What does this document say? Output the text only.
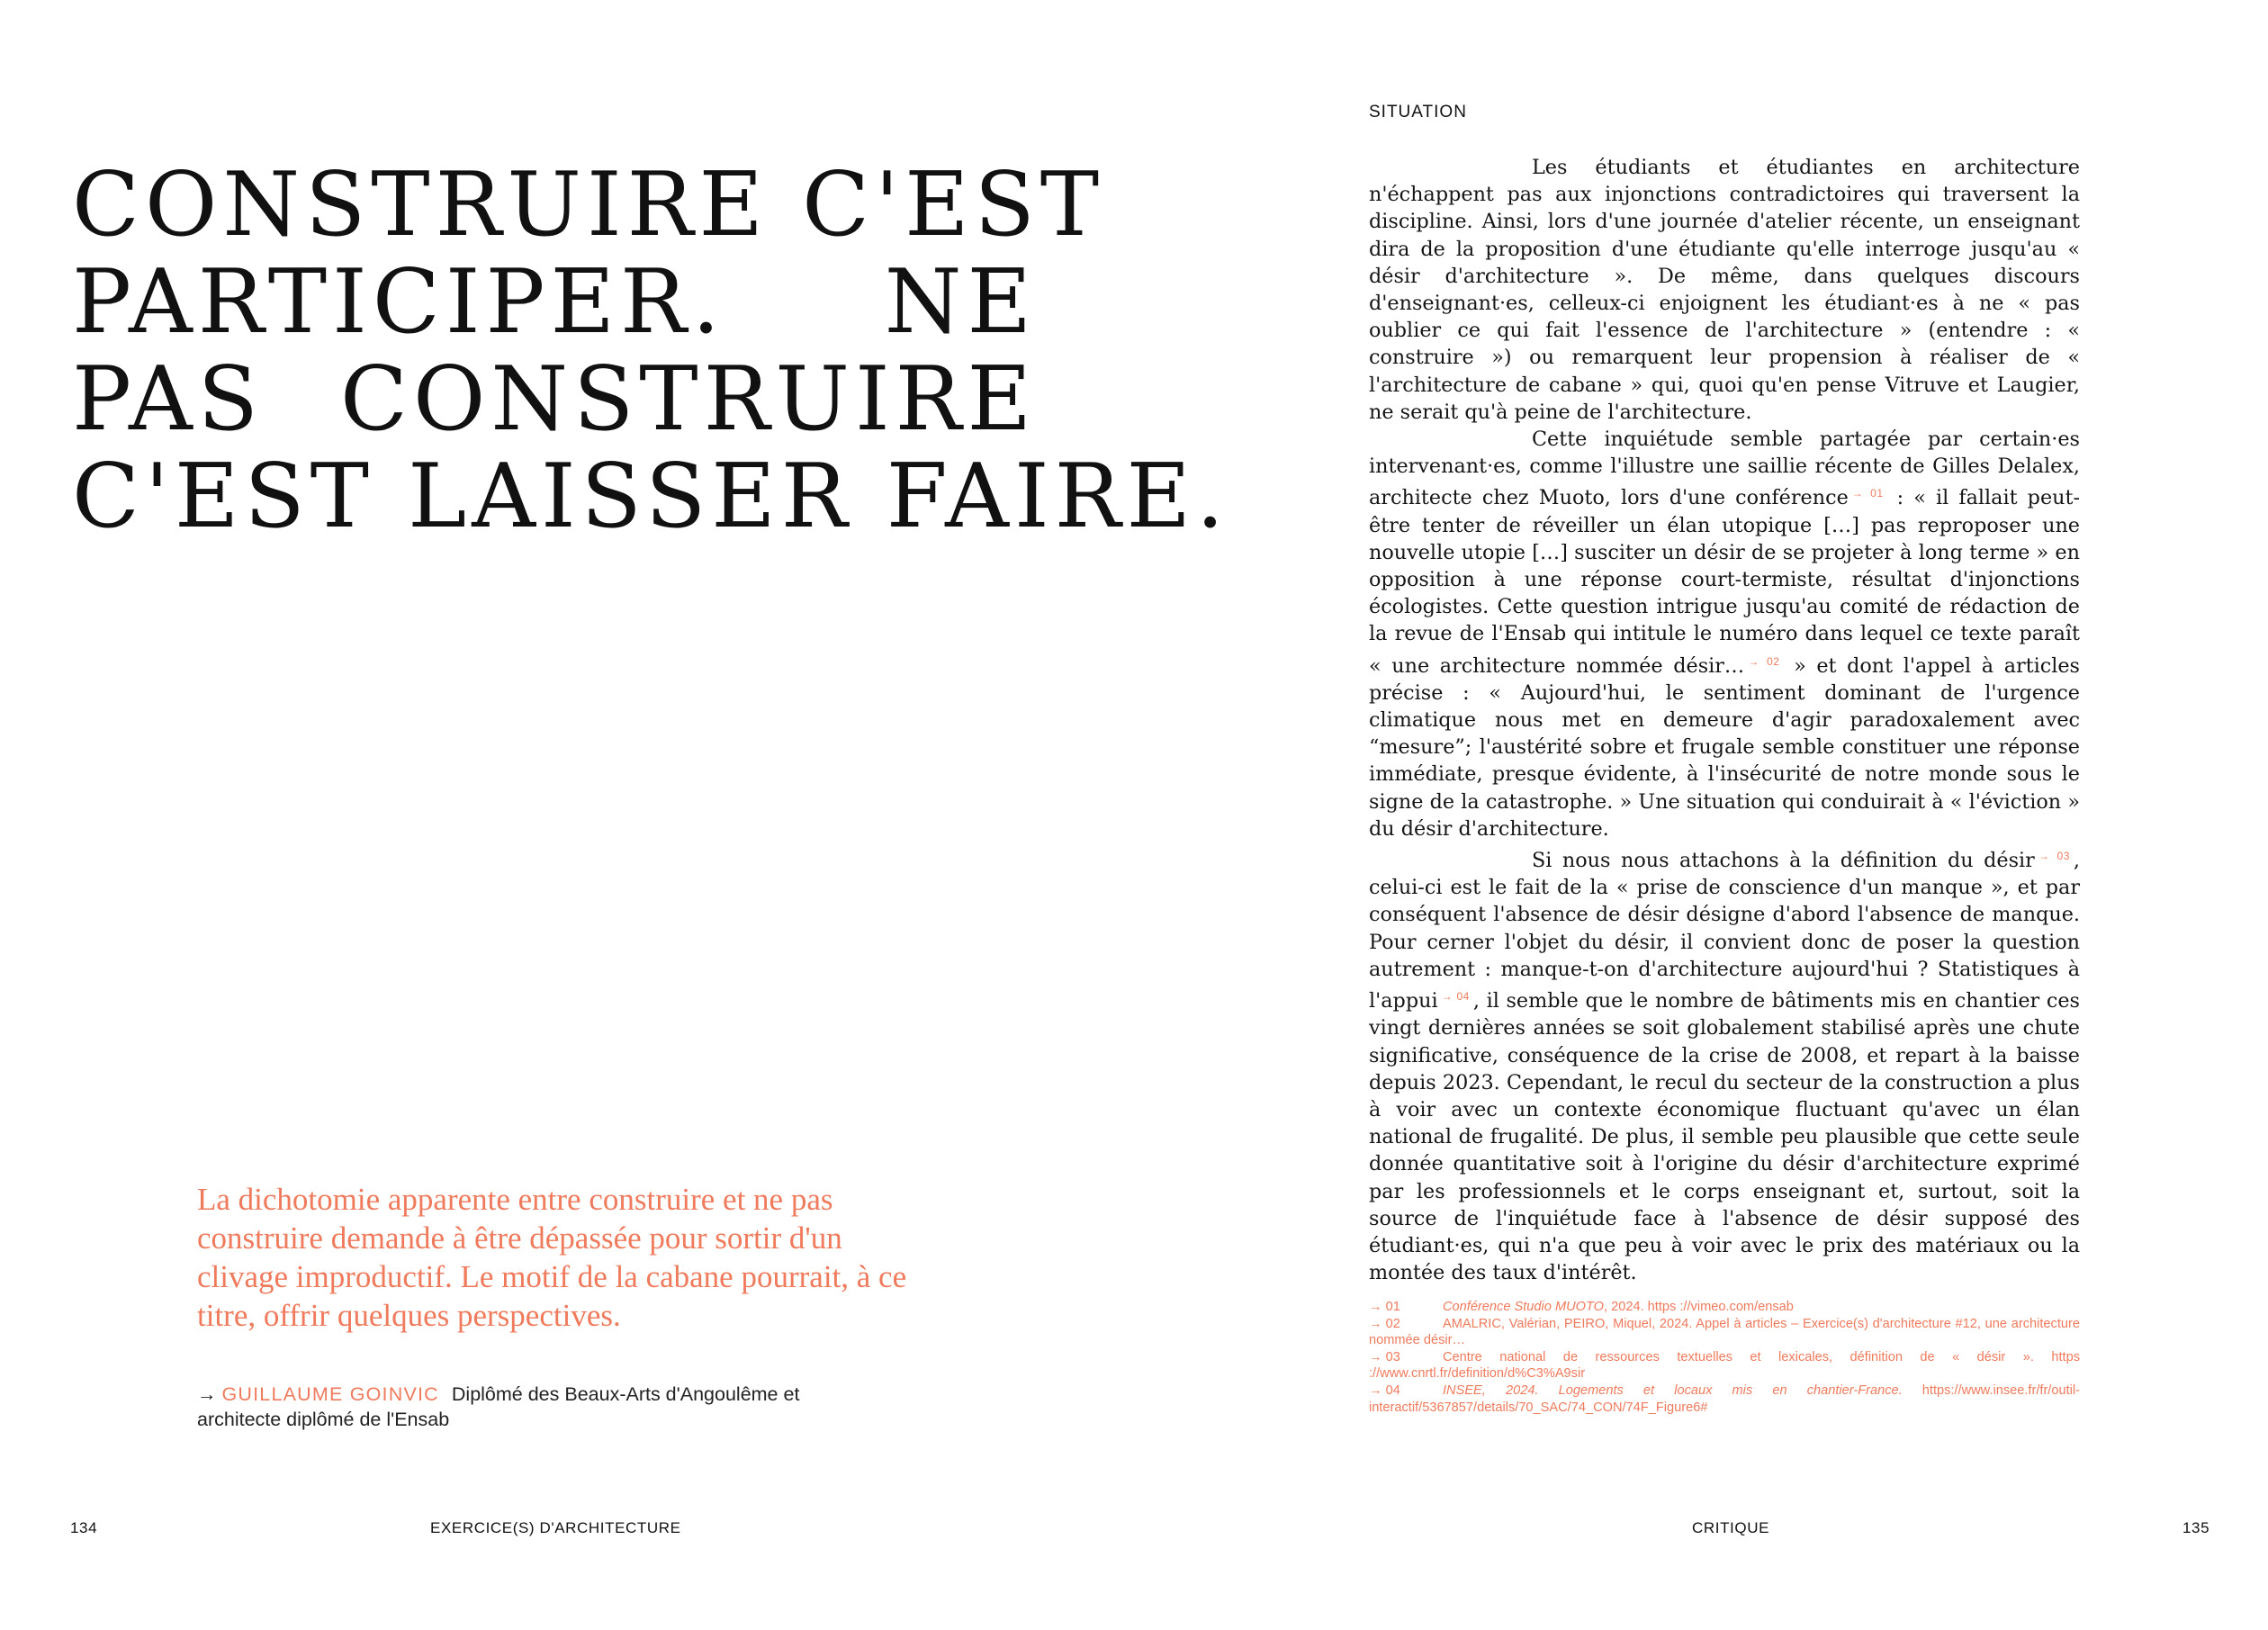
CONSTRUIRE C'EST
PARTICIPER. NE
PAS CONSTRUIRE
C'EST LAISSER FAIRE.

La dichotomie apparente entre construire et ne pas construire demande à être dépassée pour sortir d'un clivage improductif. Le motif de la cabane pourrait, à ce titre, offrir quelques perspectives.

→ GUILLAUME GOINVIC Diplômé des Beaux-Arts d'Angoulême et architecte diplômé de l'Ensab
134	EXERCICE(S) D'ARCHITECTURE
SITUATION

Les étudiants et étudiantes en architecture n'échappent pas aux injonctions contradictoires qui traversent la discipline. Ainsi, lors d'une journée d'atelier récente, un enseignant dira de la proposition d'une étudiante qu'elle interroge jusqu'au « désir d'architecture ». De même, dans quelques discours d'enseignant·es, celleux-ci enjoignent les étudiant·es à ne « pas oublier ce qui fait l'essence de l'architecture » (entendre : « construire ») ou remarquent leur propension à réaliser de « l'architecture de cabane » qui, quoi qu'en pense Vitruve et Laugier, ne serait qu'à peine de l'architecture.

Cette inquiétude semble partagée par certain·es intervenant·es, comme l'illustre une saillie récente de Gilles Delalex, architecte chez Muoto, lors d'une conférence $^{\to 01}$ : « il fallait peut-être tenter de réveiller un élan utopique […] pas reproposer une nouvelle utopie […] susciter un désir de se projeter à long terme » en opposition à une réponse court-termiste, résultat d'injonctions écologistes. Cette question intrigue jusqu'au comité de rédaction de la revue de l'Ensab qui intitule le numéro dans lequel ce texte paraît « une architecture nommée désir… $^{\to 02}$ » et dont l'appel à articles précise : « Aujourd'hui, le sentiment dominant de l'urgence climatique nous met en demeure d'agir paradoxalement avec “mesure”; l'austérité sobre et frugale semble constituer une réponse immédiate, presque évidente, à l'insécurité de notre monde sous le signe de la catastrophe. » Une situation qui conduirait à « l'éviction » du désir d'architecture.

Si nous nous attachons à la définition du désir $^{\to 03}$ , celui-ci est le fait de la « prise de conscience d'un manque », et par conséquent l'absence de désir désigne d'abord l'absence de manque. Pour cerner l'objet du désir, il convient donc de poser la question autrement : manque-t-on d'architecture aujourd'hui ? Statistiques à l'appui $^{\to 04}$ , il semble que le nombre de bâtiments mis en chantier ces vingt dernières années se soit globalement stabilisé après une chute significative, conséquence de la crise de 2008, et repart à la baisse depuis 2023. Cependant, le recul du secteur de la construction a plus à voir avec un contexte économique fluctuant qu'avec un élan national de frugalité. De plus, il semble peu plausible que cette seule donnée quantitative soit à l'origine du désir d'architecture exprimé par les professionnels et le corps enseignant et, surtout, soit la source de l'inquiétude face à l'absence de désir supposé des étudiant·es, qui n'a que peu à voir avec le prix des matériaux ou la montée des taux d'intérêt.

→ 01	Conférence Studio MUOTO, 2024. https ://vimeo.com/ensab
→ 02	AMALRIC, Valérian, PEIRO, Miquel, 2024. Appel à articles – Exercice(s) d'architecture #12, une architecture nommée désir…
→ 03	Centre national de ressources textuelles et lexicales, définition de « désir ». https ://www.cnrtl.fr/definition/d%C3%A9sir
→ 04	INSEE, 2024. Logements et locaux mis en chantier-France. https://www.insee.fr/fr/outil-interactif/5367857/details/70_SAC/74_CON/74F_Figure6#
CRITIQUE	135
